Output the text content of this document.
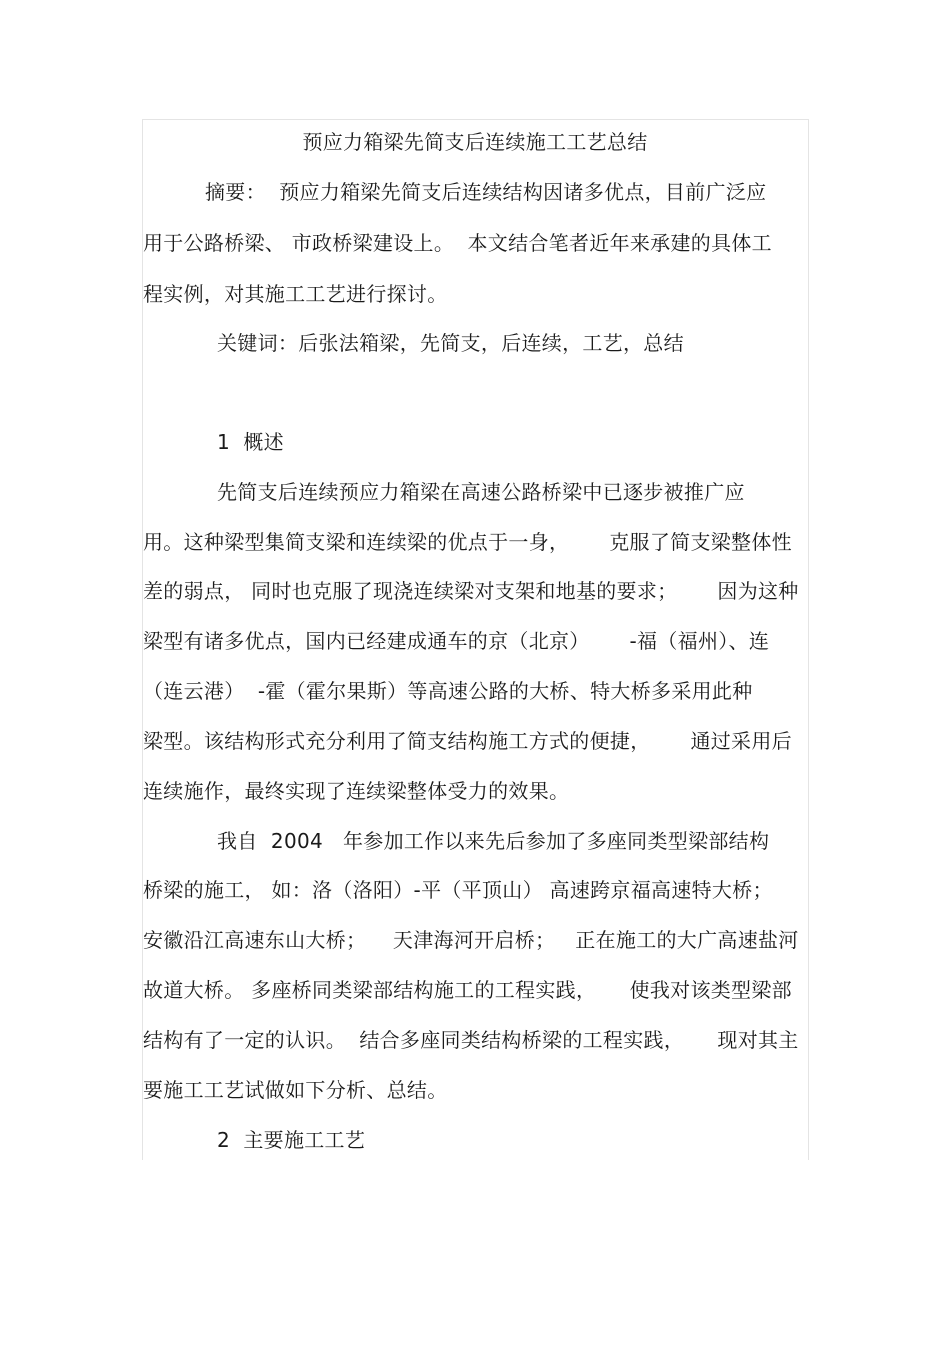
预应力箱梁先简支后连续施工工艺总结
摘要：  预应力箱梁先简支后连续结构因诸多优点，目前广泛应
用于公路桥梁、 市政桥梁建设上。  本文结合笔者近年来承建的具体工
程实例，对其施工工艺进行探讨。
关键词：后张法箱梁，先简支，后连续，工艺，总结
1  概述
先简支后连续预应力箱梁在高速公路桥梁中已逐步被推广应
用。这种梁型集简支梁和连续梁的优点于一身，      克服了简支梁整体性
差的弱点， 同时也克服了现浇连续梁对支架和地基的要求；      因为这种
梁型有诸多优点，国内已经建成通车的京（北京）      -福（福州）、连
（连云港）  -霍（霍尔果斯）等高速公路的大桥、特大桥多采用此种
梁型。该结构形式充分利用了简支结构施工方式的便捷，      通过采用后
连续施作，最终实现了连续梁整体受力的效果。
我自  2004   年参加工作以来先后参加了多座同类型梁部结构
桥梁的施工， 如：洛（洛阳）-平（平顶山） 高速跨京福高速特大桥；
安徽沿江高速东山大桥；    天津海河开启桥；   正在施工的大广高速盐河
故道大桥。 多座桥同类梁部结构施工的工程实践，     使我对该类型梁部
结构有了一定的认识。  结合多座同类结构桥梁的工程实践，     现对其主
要施工工艺试做如下分析、总结。
2  主要施工工艺
